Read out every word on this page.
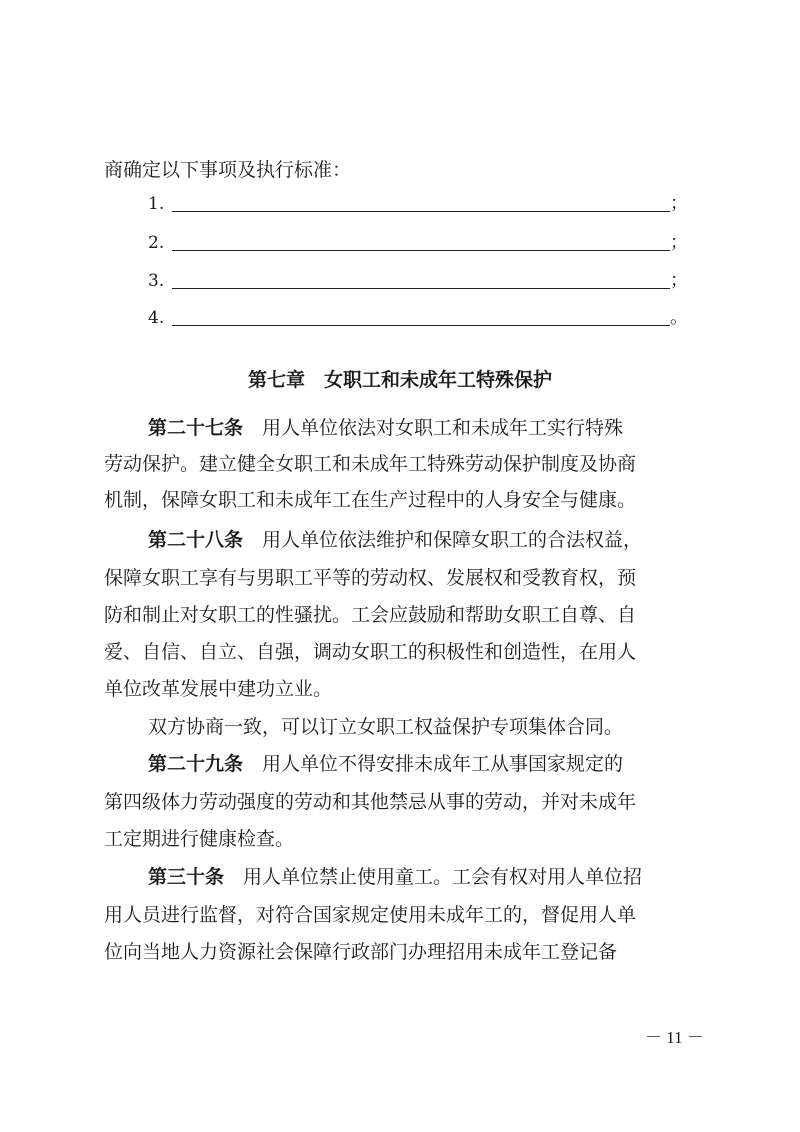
商确定以下事项及执行标准：
1.	；
2.	；
3.	；
4.	。
第七章　女职工和未成年工特殊保护
第二十七条　 用人单位依法对女职工和未成年工实行特殊
劳动保护。建立健全女职工和未成年工特殊劳动保护制度及协商
机制，保障女职工和未成年工在生产过程中的人身安全与健康。
第二十八条　 用人单位依法维护和保障女职工的合法权益，
保障女职工享有与男职工平等的劳动权、发展权和受教育权，预
防和制止对女职工的性骚扰。工会应鼓励和帮助女职工自尊、自
爱、自信、自立、自强，调动女职工的积极性和创造性，在用人
单位改革发展中建功立业。
双方协商一致，可以订立女职工权益保护专项集体合同。
第二十九条　 用人单位不得安排未成年工从事国家规定的
第四级体力劳动强度的劳动和其他禁忌从事的劳动，并对未成年
工定期进行健康检查。
第三十条　 用人单位禁止使用童工。工会有权对用人单位招
用人员进行监督，对符合国家规定使用未成年工的，督促用人单
位向当地人力资源社会保障行政部门办理招用未成年工登记备
－ 11 －
